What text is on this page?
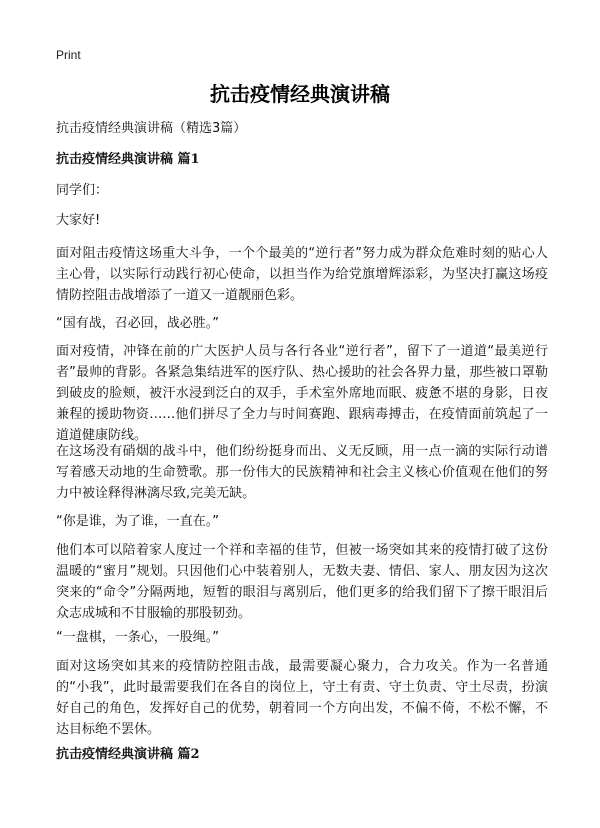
Print
抗击疫情经典演讲稿

抗击疫情经典演讲稿（精选3篇）

抗击疫情经典演讲稿 篇1

同学们：

大家好!

面对阻击疫情这场重大斗争，一个个最美的“逆行者”努力成为群众危难时刻的贴心人主心骨，以实际行动践行初心使命，以担当作为给党旗增辉添彩，为坚决打赢这场疫情防控阻击战增添了一道又一道靓丽色彩。

“国有战，召必回，战必胜。”

面对疫情，冲锋在前的广大医护人员与各行各业“逆行者”，留下了一道道“最美逆行者”最帅的背影。各紧急集结进军的医疗队、热心援助的社会各界力量，那些被口罩勒到破皮的脸颊，被汗水浸到泛白的双手，手术室外席地而眠、疲惫不堪的身影，日夜兼程的援助物资……他们拼尽了全力与时间赛跑、跟病毒搏击，在疫情面前筑起了一道道健康防线。

在这场没有硝烟的战斗中，他们纷纷挺身而出、义无反顾，用一点一滴的实际行动谱写着感天动地的生命赞歌。那一份伟大的民族精神和社会主义核心价值观在他们的努力中被诠释得淋漓尽致,完美无缺。

“你是谁，为了谁，一直在。”

他们本可以陪着家人度过一个祥和幸福的佳节，但被一场突如其来的疫情打破了这份温暖的“蜜月”规划。只因他们心中装着别人，无数夫妻、情侣、家人、朋友因为这次突来的“命令”分隔两地，短暂的眼泪与离别后，他们更多的给我们留下了擦干眼泪后众志成城和不甘服输的那股韧劲。

“一盘棋，一条心，一股绳。”

面对这场突如其来的疫情防控阻击战，最需要凝心聚力，合力攻关。作为一名普通的“小我”，此时最需要我们在各自的岗位上，守土有责、守土负责、守土尽责，扮演好自己的角色，发挥好自己的优势，朝着同一个方向出发，不偏不倚，不松不懈，不达目标绝不罢休。

抗击疫情经典演讲稿 篇2
